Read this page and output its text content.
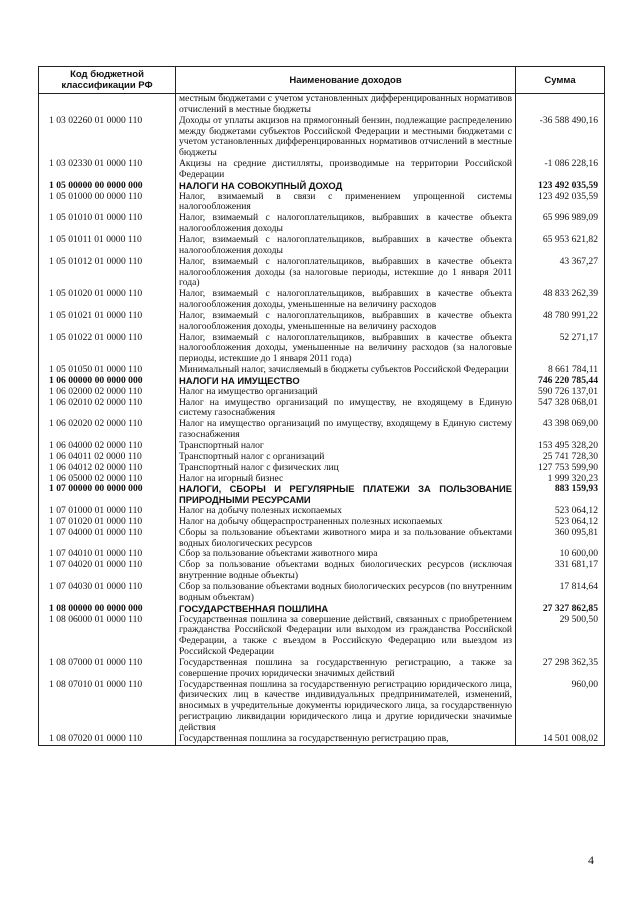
Код бюджетной классификации РФ	Наименование доходов	Сумма
	местным бюджетами с учетом установленных дифференцированных нормативов отчислений в местные бюджеты	
1 03 02260 01 0000 110	Доходы от уплаты акцизов на прямогонный бензин, подлежащие распределению между бюджетами субъектов Российской Федерации и местными бюджетами с учетом установленных дифференцированных нормативов отчислений в местные бюджеты	-36 588 490,16
1 03 02330 01 0000 110	Акцизы на средние дистилляты, производимые на территории Российской Федерации	-1 086 228,16
1 05 00000 00 0000 000	НАЛОГИ НА СОВОКУПНЫЙ ДОХОД	123 492 035,59
1 05 01000 00 0000 110	Налог, взимаемый в связи с применением упрощенной системы налогообложения	123 492 035,59
1 05 01010 01 0000 110	Налог, взимаемый с налогоплательщиков, выбравших в качестве объекта налогообложения доходы	65 996 989,09
1 05 01011 01 0000 110	Налог, взимаемый с налогоплательщиков, выбравших в качестве объекта налогообложения доходы	65 953 621,82
1 05 01012 01 0000 110	Налог, взимаемый с налогоплательщиков, выбравших в качестве объекта налогообложения доходы (за налоговые периоды, истекшие до 1 января 2011 года)	43 367,27
1 05 01020 01 0000 110	Налог, взимаемый с налогоплательщиков, выбравших в качестве объекта налогообложения доходы, уменьшенные на величину расходов	48 833 262,39
1 05 01021 01 0000 110	Налог, взимаемый с налогоплательщиков, выбравших в качестве объекта налогообложения доходы, уменьшенные на величину расходов	48 780 991,22
1 05 01022 01 0000 110	Налог, взимаемый с налогоплательщиков, выбравших в качестве объекта налогообложения доходы, уменьшенные на величину расходов (за налоговые периоды, истекшие до 1 января 2011 года)	52 271,17
1 05 01050 01 0000 110	Минимальный налог, зачисляемый в бюджеты субъектов Российской Федерации	8 661 784,11
1 06 00000 00 0000 000	НАЛОГИ НА ИМУЩЕСТВО	746 220 785,44
1 06 02000 02 0000 110	Налог на имущество организаций	590 726 137,01
1 06 02010 02 0000 110	Налог на имущество организаций по имуществу, не входящему в Единую систему газоснабжения	547 328 068,01
1 06 02020 02 0000 110	Налог на имущество организаций по имуществу, входящему в Единую систему газоснабжения	43 398 069,00
1 06 04000 02 0000 110	Транспортный налог	153 495 328,20
1 06 04011 02 0000 110	Транспортный налог с организаций	25 741 728,30
1 06 04012 02 0000 110	Транспортный налог с физических лиц	127 753 599,90
1 06 05000 02 0000 110	Налог на игорный бизнес	1 999 320,23
1 07 00000 00 0000 000	НАЛОГИ, СБОРЫ И РЕГУЛЯРНЫЕ ПЛАТЕЖИ ЗА ПОЛЬЗОВАНИЕ ПРИРОДНЫМИ РЕСУРСАМИ	883 159,93
1 07 01000 01 0000 110	Налог на добычу полезных ископаемых	523 064,12
1 07 01020 01 0000 110	Налог на добычу общераспространенных полезных ископаемых	523 064,12
1 07 04000 01 0000 110	Сборы за пользование объектами животного мира и за пользование объектами водных биологических ресурсов	360 095,81
1 07 04010 01 0000 110	Сбор за пользование объектами животного мира	10 600,00
1 07 04020 01 0000 110	Сбор за пользование объектами водных биологических ресурсов (исключая внутренние водные объекты)	331 681,17
1 07 04030 01 0000 110	Сбор за пользование объектами водных биологических ресурсов (по внутренним водным объектам)	17 814,64
1 08 00000 00 0000 000	ГОСУДАРСТВЕННАЯ ПОШЛИНА	27 327 862,85
1 08 06000 01 0000 110	Государственная пошлина за совершение действий, связанных с приобретением гражданства Российской Федерации или выходом из гражданства Российской Федерации, а также с въездом в Российскую Федерацию или выездом из Российской Федерации	29 500,50
1 08 07000 01 0000 110	Государственная пошлина за государственную регистрацию, а также за совершение прочих юридически значимых действий	27 298 362,35
1 08 07010 01 0000 110	Государственная пошлина за государственную регистрацию юридического лица, физических лиц в качестве индивидуальных предпринимателей, изменений, вносимых в учредительные документы юридического лица, за государственную регистрацию ликвидации юридического лица и другие юридически значимые действия	960,00
1 08 07020 01 0000 110	Государственная пошлина за государственную регистрацию прав,	14 501 008,02
4
